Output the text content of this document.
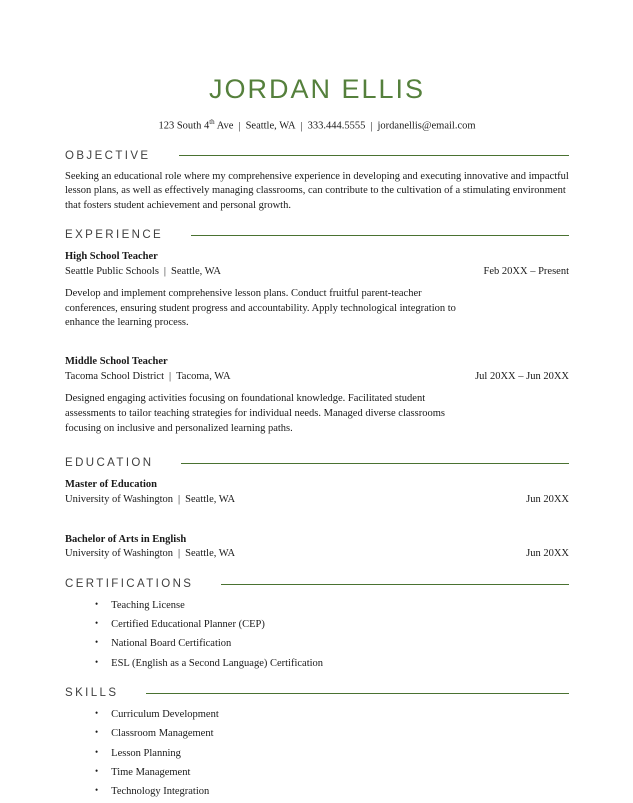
JORDAN ELLIS

123 South 4th Ave | Seattle, WA | 333.444.5555 | jordanellis@email.com

OBJECTIVE

Seeking an educational role where my comprehensive experience in developing and executing innovative and impactful lesson plans, as well as effectively managing classrooms, can contribute to the cultivation of a stimulating environment that fosters student achievement and personal growth.

EXPERIENCE
High School Teacher
Seattle Public Schools | Seattle, WA	Feb 20XX – Present

Develop and implement comprehensive lesson plans. Conduct fruitful parent-teacher conferences, ensuring student progress and accountability. Apply technological integration to enhance the learning process.

Middle School Teacher
Tacoma School District | Tacoma, WA	Jul 20XX – Jun 20XX

Designed engaging activities focusing on foundational knowledge. Facilitated student assessments to tailor teaching strategies for individual needs. Managed diverse classrooms focusing on inclusive and personalized learning paths.

EDUCATION
Master of Education
University of Washington | Seattle, WA	Jun 20XX
Bachelor of Arts in English
University of Washington | Seattle, WA	Jun 20XX
CERTIFICATIONS
• Teaching License
• Certified Educational Planner (CEP)
• National Board Certification
• ESL (English as a Second Language) Certification
SKILLS
• Curriculum Development
• Classroom Management
• Lesson Planning
• Time Management
• Technology Integration
